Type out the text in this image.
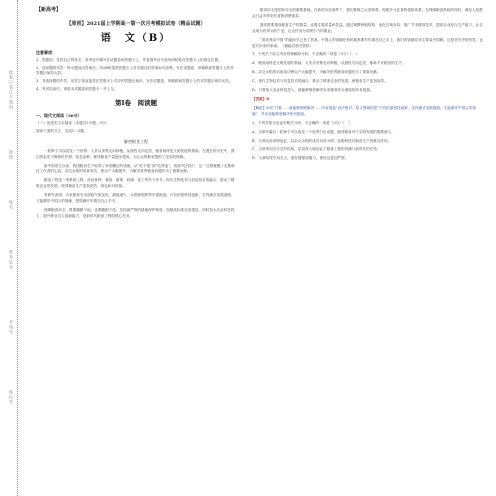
此卷只装订不密封
班级
姓名
准考证号
考场号
座位号
【新高考】
【原创】2021届上学期高一第一次月考模拟试卷（精品试题）
语　文（B）
注意事项：
1．答题前，先将自己的姓名、准考证号填写在试题卷和答题卡上，并将准考证号条形码粘贴在答题卡上的指定位置。
2．选择题的作答：每小题选出答案后，用2B铅笔把答题卡上对应题目的答案标号涂黑，写在试题卷、草稿纸和答题卡上的非答题区域均无效。
3．非选择题的作答：用签字笔直接答在答题卡上对应的答题区域内。写在试题卷、草稿纸和答题卡上的非答题区域均无效。
4．考试结束后，请将本试题卷和答题卡一并上交。
第Ⅰ卷　阅读题
一、现代文阅读（36分）
（一）论述类文本阅读（本题共3小题，9分）
阅读下面的文字，完成1～3题。
解密粮食工程

一粒种子可以改变一个世界。人类从采集走向种植，从游牧走向定居，粮食始终是文明发展的基础。在漫长的历史中，我们的祖先不断驯化作物、改良品种，使得粮食产量逐步提高，为社会的繁荣提供了坚实的保障。

新中国成立以来，我国粮食生产取得了举世瞩目的成就。从“吃不饱”到“吃得饱”，再到“吃得好”，这一过程凝聚了无数科技工作者的心血。杂交水稻的培育成功，使亩产大幅提升，为解决世界粮食问题作出了重要贡献。

粮食工程是一项系统工程，涉及育种、栽培、植保、收储、加工等多个环节。现代生物技术与信息技术的融合，推动了精准农业的发展，使得粮食生产更加高效、绿色和可持续。

有研究表明，未来粮食安全面临气候变化、耕地减少、水资源短缺等多重挑战。只有依靠科技创新，走内涵式发展道路，才能端牢中国人的饭碗，把饭碗牢牢端在自己手中。

保障粮食安全，既要藏粮于地，也要藏粮于技。坚持最严格的耕地保护制度，加强高标准农田建设，同时加大农业科技投入，提升种业自主创新能力，是新时代粮食工程的核心任务。

粮食安全是国家安全的重要基础。在新的历史条件下，我们要树立大食物观，构建多元化食物供给体系，在保障粮食供给的同时，满足人民群众日益多样化的食物消费需求。

我们既要重视粮食生产的数量，也要注重质量和效益。通过调整种植结构、优化区域布局、推广节本增效技术，提高农业综合生产能力，让农业成为有奔头的产业，让农民成为有吸引力的职业。

“谁来养活中国”的疑问早已有了答案。中国人的饭碗任何时候都要牢牢端在自己手上，我们的饭碗应该主要装中国粮。这是对历史的回答，也是对未来的承诺。（摘编自相关资料）

1．下列关于原文内容的理解和分析，不正确的一项是（3分）（　）
A．粮食始终是文明发展的基础，人类从采集走向种植，从游牧走向定居，都离不开粮食的生产。
B．杂交水稻的培育成功使亩产大幅提升，为解决世界粮食问题作出了重要贡献。
C．现代生物技术与信息技术的融合，推动了精准农业的发展，使粮食生产更加高效。
D．只要加大农业科技投入，就能够彻底解决未来粮食安全面临的所有挑战。
【答案】D
【解析】D项“只要……就能够彻底解决……所有挑战”说法绝对，原文强调的是“只有依靠科技创新，走内涵式发展道路，才能端牢中国人的饭碗”，并未说能彻底解决所有挑战。
2．下列对原文论证的相关分析，不正确的一项是（3分）（　）
A．文章开篇以一粒种子可以改变一个世界引出话题，阐述粮食对于文明发展的重要意义。
B．文章运用举例论证，以杂交水稻的成功培育为例，说明科技对粮食生产的推动作用。
C．文章采用总分总的结构，层层深入地论证了粮食工程的内涵与新时代的任务。
D．文章结尾引用名言，意在增强说服力，使论证更加严密。
